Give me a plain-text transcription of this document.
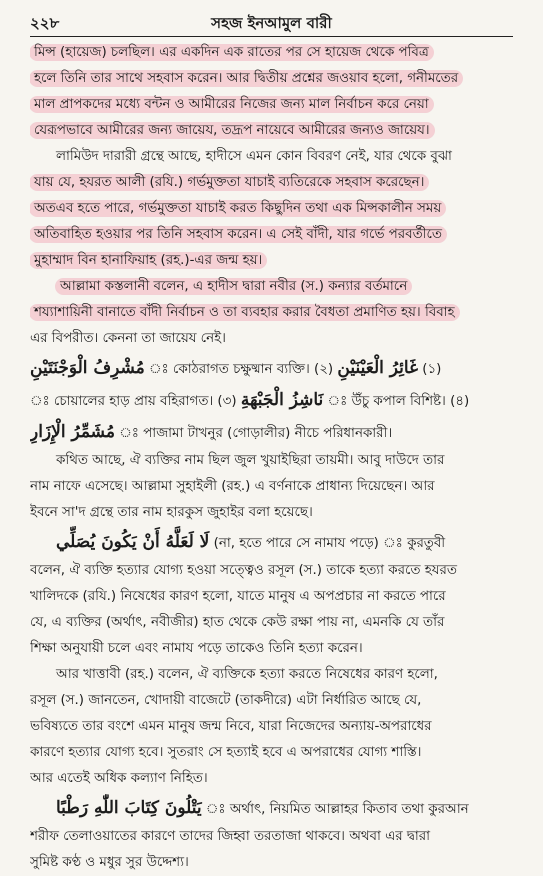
২২৮	সহজ ইনআমুল বারী
মিন্স (হায়েজ) চলছিল। এর একদিন এক রাতের পর সে হায়েজ থেকে পবিত্র
হলে তিনি তার সাথে সহবাস করেন। আর দ্বিতীয় প্রশ্নের জওয়াব হলো, গনীমতের
মাল প্রাপকদের মধ্যে বন্টন ও আমীরের নিজের জন্য মাল নির্বাচন করে নেয়া
যেরূপভাবে আমীরের জন্য জায়েয, তদ্রূপ নায়েবে আমীরের জন্যও জায়েয।
লামিউদ দারারী গ্রন্থে আছে, হাদীসে এমন কোন বিবরণ নেই, যার থেকে বুঝা
যায় যে, হযরত আলী (রযি.) গর্ভমুক্ততা যাচাই ব্যতিরেকে সহবাস করেছেন।
অতএব হতে পারে, গর্ভমুক্ততা যাচাই করত কিছুদিন তথা এক মিন্সকালীন সময়
অতিবাহিত হওয়ার পর তিনি সহবাস করেন। এ সেই বাঁদী, যার গর্ভে পরবর্তীতে
মুহাম্মাদ বিন হানাফিয়াহ (রহ.)-এর জন্ম হয়।
আল্লামা কস্তলানী বলেন, এ হাদীস দ্বারা নবীর (স.) কন্যার বর্তমানে
শয্যাশায়িনী বানাতে বাঁদী নির্বাচন ও তা ব্যবহার করার বৈধতা প্রমাণিত হয়। বিবাহ
এর বিপরীত। কেননা তা জায়েয নেই।
مُشْرِفُ الْوَجْنَتَيْنِ ঃ কোঠরাগত চক্ষুষ্মান ব্যক্তি। (২) غَائِرُ الْعَيْنَيْنِ (১)
ঃ চোয়ালের হাড় প্রায় বহিরাগত। (৩) نَاشِزُ الْجَبْهَةِ ঃ উঁচু কপাল বিশিষ্ট। (৪)
مُشَمِّرُ الْإِزَارِ ঃ পাজামা টাখনুর (গোড়ালীর) নীচে পরিধানকারী।
কথিত আছে, ঐ ব্যক্তির নাম ছিল জুল খুয়াইছিরা তায়মী। আবু দাউদে তার
নাম নাফে এসেছে। আল্লামা সুহাইলী (রহ.) এ বর্ণনাকে প্রাধান্য দিয়েছেন। আর
ইবনে সা'দ গ্রন্থে তার নাম হারকুস জুহাইর বলা হয়েছে।
لَا لَعَلَّهُ أَنْ يَكُونَ يُصَلِّي (না, হতে পারে সে নামায পড়ে) ঃ কুরতুবী
বলেন, ঐ ব্যক্তি হত্যার যোগ্য হওয়া সত্ত্বেও রসূল (স.) তাকে হত্যা করতে হযরত
খালিদকে (রযি.) নিষেধের কারণ হলো, যাতে মানুষ এ অপপ্রচার না করতে পারে
যে, এ ব্যক্তির (অর্থাৎ, নবীজীর) হাত থেকে কেউ রক্ষা পায় না, এমনকি যে তাঁর
শিক্ষা অনুযায়ী চলে এবং নামায পড়ে তাকেও তিনি হত্যা করেন।
আর খাত্তাবী (রহ.) বলেন, ঐ ব্যক্তিকে হত্যা করতে নিষেধের কারণ হলো,
রসূল (স.) জানতেন, খোদায়ী বাজেটে (তাকদীরে) এটা নির্ধারিত আছে যে,
ভবিষ্যতে তার বংশে এমন মানুষ জন্ম নিবে, যারা নিজেদের অন্যায়-অপরাধের
কারণে হত্যার যোগ্য হবে। সুতরাং সে হত্যাই হবে এ অপরাধের যোগ্য শাস্তি।
আর এতেই অধিক কল্যাণ নিহিত।
يَتْلُونَ كِتَابَ اللّٰهِ رَطْبًا ঃ অর্থাৎ, নিয়মিত আল্লাহর কিতাব তথা কুরআন
শরীফ তেলাওয়াতের কারণে তাদের জিহ্বা তরতাজা থাকবে। অথবা এর দ্বারা
সুমিষ্ট কণ্ঠ ও মধুর সুর উদ্দেশ্য।
